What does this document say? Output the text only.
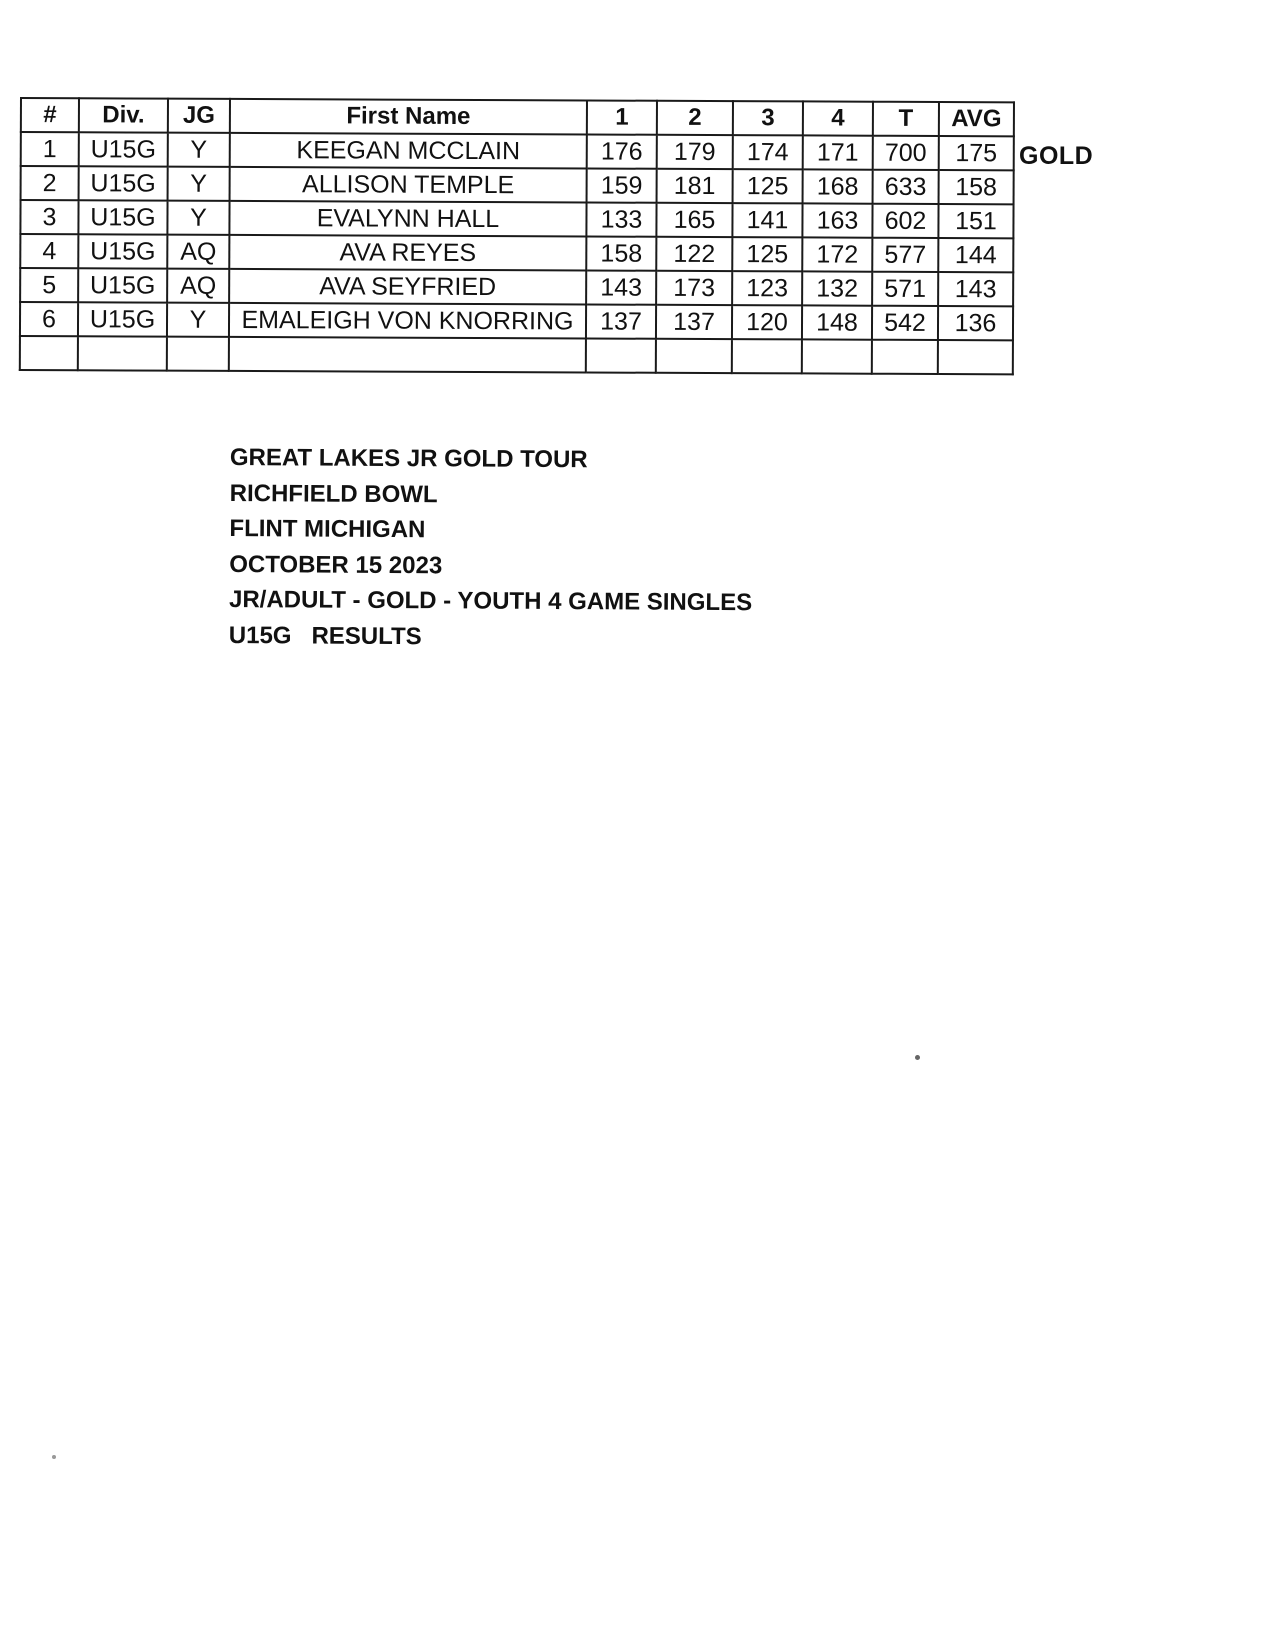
#	Div.	JG	First Name	1	2	3	4	T	AVG
1	U15G	Y	KEEGAN MCCLAIN	176	179	174	171	700	175
2	U15G	Y	ALLISON TEMPLE	159	181	125	168	633	158
3	U15G	Y	EVALYNN HALL	133	165	141	163	602	151
4	U15G	AQ	AVA REYES	158	122	125	172	577	144
5	U15G	AQ	AVA SEYFRIED	143	173	123	132	571	143
6	U15G	Y	EMALEIGH VON KNORRING	137	137	120	148	542	136

GOLD
GREAT LAKES JR GOLD TOUR
RICHFIELD BOWL
FLINT MICHIGAN
OCTOBER 15 2023
JR/ADULT - GOLD - YOUTH 4 GAME SINGLES
U15G   RESULTS
